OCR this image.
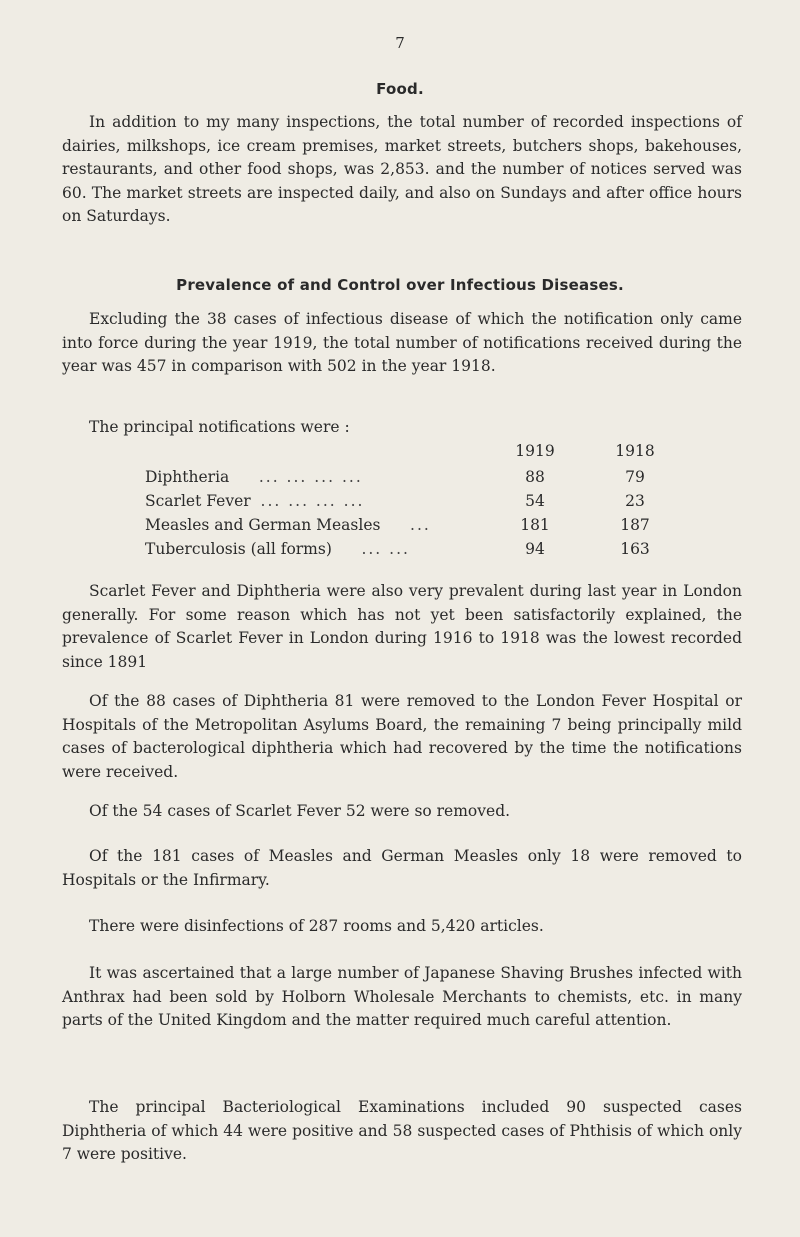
7
Food.

In addition to my many inspections, the total number of recorded inspections of dairies, milkshops, ice cream premises, market streets, butchers shops, bakehouses, restaurants, and other food shops, was 2,853. and the number of notices served was 60. The market streets are inspected daily, and also on Sundays and after office hours on Saturdays.

Prevalence of and Control over Infectious Diseases.

Excluding the 38 cases of infectious disease of which the notification only came into force during the year 1919, the total number of notifications received during the year was 457 in comparison with 502 in the year 1918.

The principal notifications were :
1919	1918
Diphtheria ... ... ... ...	88	79
Scarlet Fever ... ... ... ...	54	23
Measles and German Measles ...	181	187
Tuberculosis (all forms) ... ...	94	163

Scarlet Fever and Diphtheria were also very prevalent during last year in London generally. For some reason which has not yet been satisfactorily explained, the prevalence of Scarlet Fever in London during 1916 to 1918 was the lowest recorded since 1891

Of the 88 cases of Diphtheria 81 were removed to the London Fever Hospital or Hospitals of the Metropolitan Asylums Board, the remaining 7 being principally mild cases of bacterological diphtheria which had recovered by the time the notifications were received.

Of the 54 cases of Scarlet Fever 52 were so removed.

Of the 181 cases of Measles and German Measles only 18 were removed to Hospitals or the Infirmary.

There were disinfections of 287 rooms and 5,420 articles.

It was ascertained that a large number of Japanese Shaving Brushes infected with Anthrax had been sold by Holborn Wholesale Merchants to chemists, etc. in many parts of the United Kingdom and the matter required much careful attention.

The principal Bacteriological Examinations included 90 suspected cases Diphtheria of which 44 were positive and 58 suspected cases of Phthisis of which only 7 were positive.
